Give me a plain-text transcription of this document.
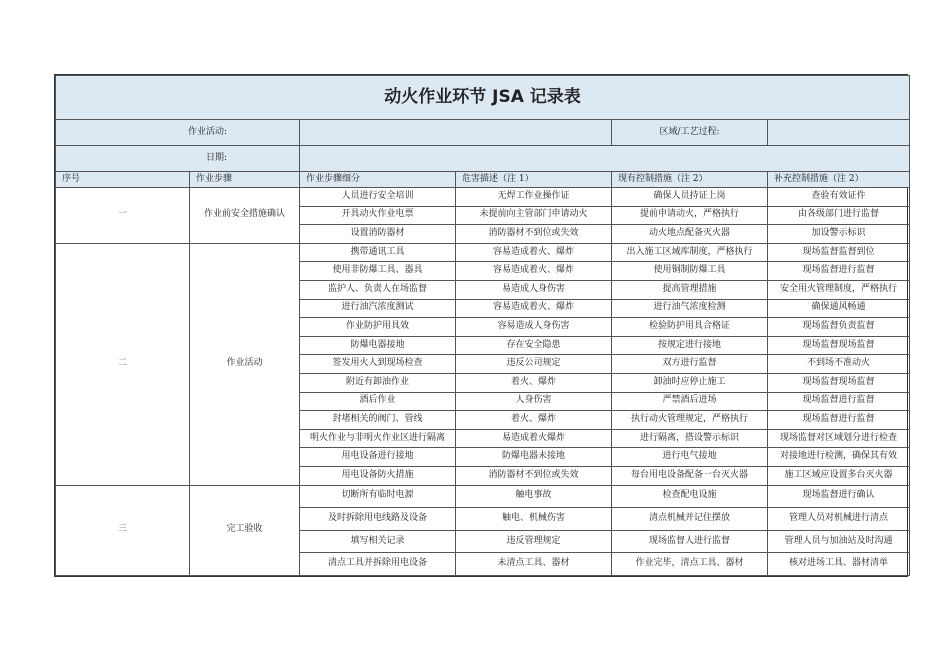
动火作业环节 JSA 记录表					
作业活动:				区域/工艺过程:	
日期:					
序号	作业步骤	作业步骤细分	危害描述（注 1）	现有控制措施（注 2）	补充控制措施（注 2）
一	作业前安全措施确认	人员进行安全培训	无焊工作业操作证	确保人员持证上岗	查验有效证件
		开具动火作业电票	未提前向主管部门申请动火	提前申请动火，严格执行	由各级部门进行监督
		设置消防器材	消防器材不到位或失效	动火地点配备灭火器	加设警示标识
二	作业活动	携带通讯工具	容易造成着火、爆炸	出入施工区域库制度，严格执行	现场监督监督到位
		使用非防爆工具、器具	容易造成着火、爆炸	使用铜制防爆工具	现场监督进行监督
		监护人、负责人在场监督	易造成人身伤害	提高管理措施	安全用火管理制度，严格执行
		进行油汽浓度测试	容易造成着火、爆炸	进行油气浓度检测	确保通风畅通
		作业防护用具效	容易造成人身伤害	检验防护用具合格证	现场监督负责监督
		防爆电器接地	存在安全隐患	按规定进行接地	现场监督现场监督
		签发用火人到现场检查	违反公司规定	双方进行监督	不到场不准动火
		附近有卸油作业	着火、爆炸	卸油时应停止施工	现场监督现场监督
		酒后作业	人身伤害	严禁酒后进场	现场监督进行监督
		封堵相关的阀门、管线	着火、爆炸	执行动火管理规定，严格执行	现场监督进行监督
		明火作业与非明火作业区进行隔离	易造成着火爆炸	进行隔离，搭设警示标识	现场监督对区域划分进行检查
		用电设备进行接地	防爆电器未接地	进行电气接地	对接地进行检测，确保其有效
		用电设备防火措施	消防器材不到位或失效	每台用电设备配备一台灭火器	施工区域应设置多台灭火器
三	完工验收	切断所有临时电源	触电事故	检查配电设施	现场监督进行确认
		及时拆除用电线路及设备	触电、机械伤害	清点机械并记住摆放	管理人员对机械进行清点
		填写相关记录	违反管理规定	现场监督人进行监督	管理人员与加油站及时沟通
		清点工具并拆除用电设备	未清点工具、器材	作业完毕，清点工具、器材	核对进场工具、器材清单
